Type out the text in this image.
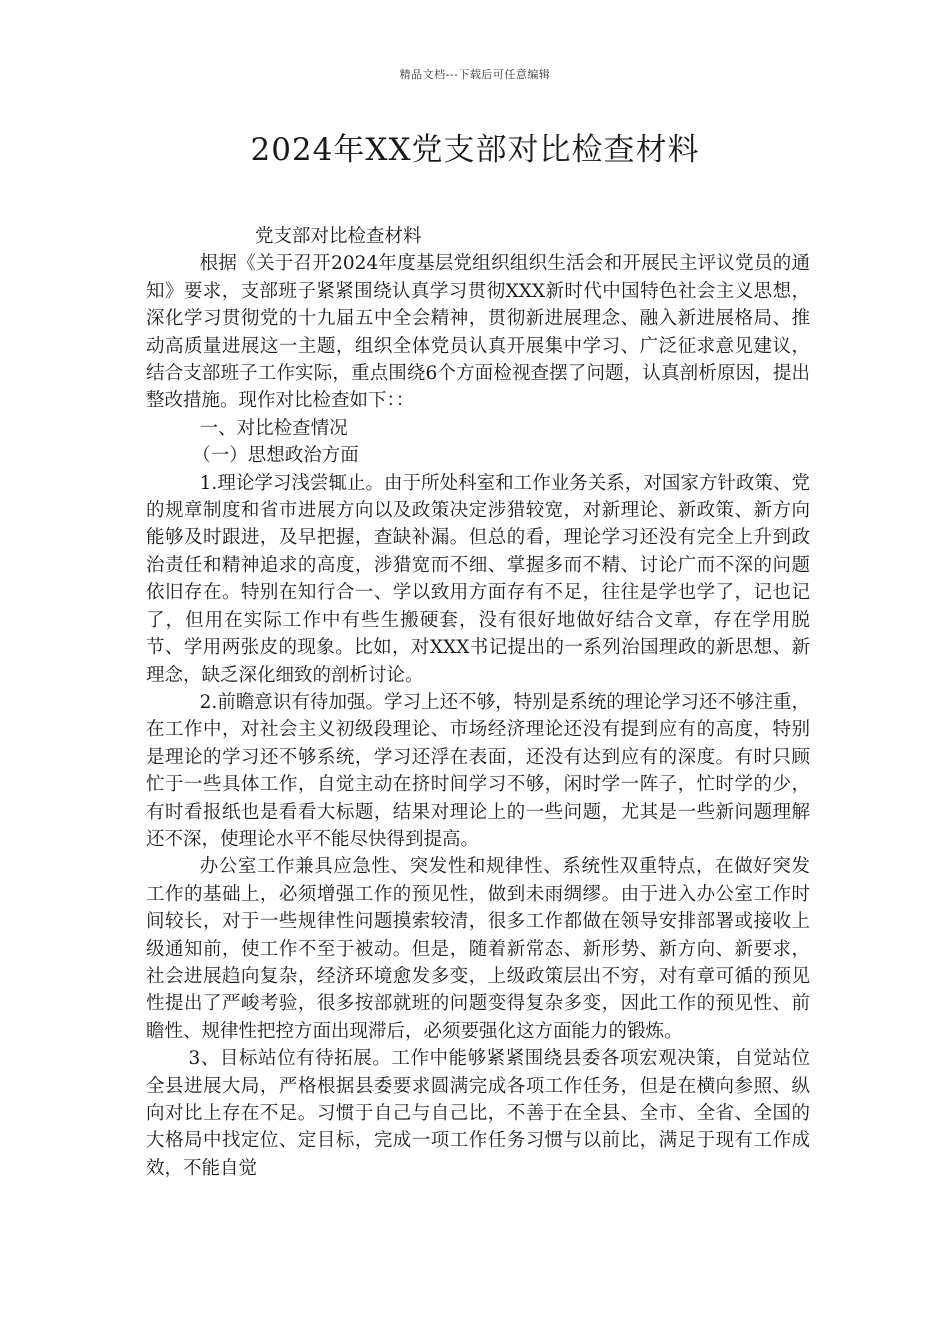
精品文档---下载后可任意编辑
2024年XX党支部对比检查材料

党支部对比检查材料

根据《关于召开2024年度基层党组织组织生活会和开展民主评议党员的通知》要求，支部班子紧紧围绕认真学习贯彻XXX新时代中国特色社会主义思想，深化学习贯彻党的十九届五中全会精神，贯彻新进展理念、融入新进展格局、推动高质量进展这一主题，组织全体党员认真开展集中学习、广泛征求意见建议，结合支部班子工作实际，重点围绕6个方面检视查摆了问题，认真剖析原因，提出整改措施。现作对比检查如下：：

一、对比检查情况

（一）思想政治方面

1.理论学习浅尝辄止。由于所处科室和工作业务关系，对国家方针政策、党的规章制度和省市进展方向以及政策决定涉猎较宽，对新理论、新政策、新方向能够及时跟进，及早把握，查缺补漏。但总的看，理论学习还没有完全上升到政治责任和精神追求的高度，涉猎宽而不细、掌握多而不精、讨论广而不深的问题依旧存在。特别在知行合一、学以致用方面存有不足，往往是学也学了，记也记了，但用在实际工作中有些生搬硬套，没有很好地做好结合文章，存在学用脱节、学用两张皮的现象。比如，对XXX书记提出的一系列治国理政的新思想、新理念，缺乏深化细致的剖析讨论。

2.前瞻意识有待加强。学习上还不够，特别是系统的理论学习还不够注重，在工作中，对社会主义初级段理论、市场经济理论还没有提到应有的高度，特别是理论的学习还不够系统，学习还浮在表面，还没有达到应有的深度。有时只顾忙于一些具体工作，自觉主动在挤时间学习不够，闲时学一阵子，忙时学的少，有时看报纸也是看看大标题，结果对理论上的一些问题，尤其是一些新问题理解还不深，使理论水平不能尽快得到提高。

办公室工作兼具应急性、突发性和规律性、系统性双重特点，在做好突发工作的基础上，必须增强工作的预见性，做到未雨绸缪。由于进入办公室工作时间较长，对于一些规律性问题摸索较清，很多工作都做在领导安排部署或接收上级通知前，使工作不至于被动。但是，随着新常态、新形势、新方向、新要求，社会进展趋向复杂，经济环境愈发多变，上级政策层出不穷，对有章可循的预见性提出了严峻考验，很多按部就班的问题变得复杂多变，因此工作的预见性、前瞻性、规律性把控方面出现滞后，必须要强化这方面能力的锻炼。

3、目标站位有待拓展。工作中能够紧紧围绕县委各项宏观决策，自觉站位全县进展大局，严格根据县委要求圆满完成各项工作任务，但是在横向参照、纵向对比上存在不足。习惯于自己与自己比，不善于在全县、全市、全省、全国的大格局中找定位、定目标，完成一项工作任务习惯与以前比，满足于现有工作成效，不能自觉
